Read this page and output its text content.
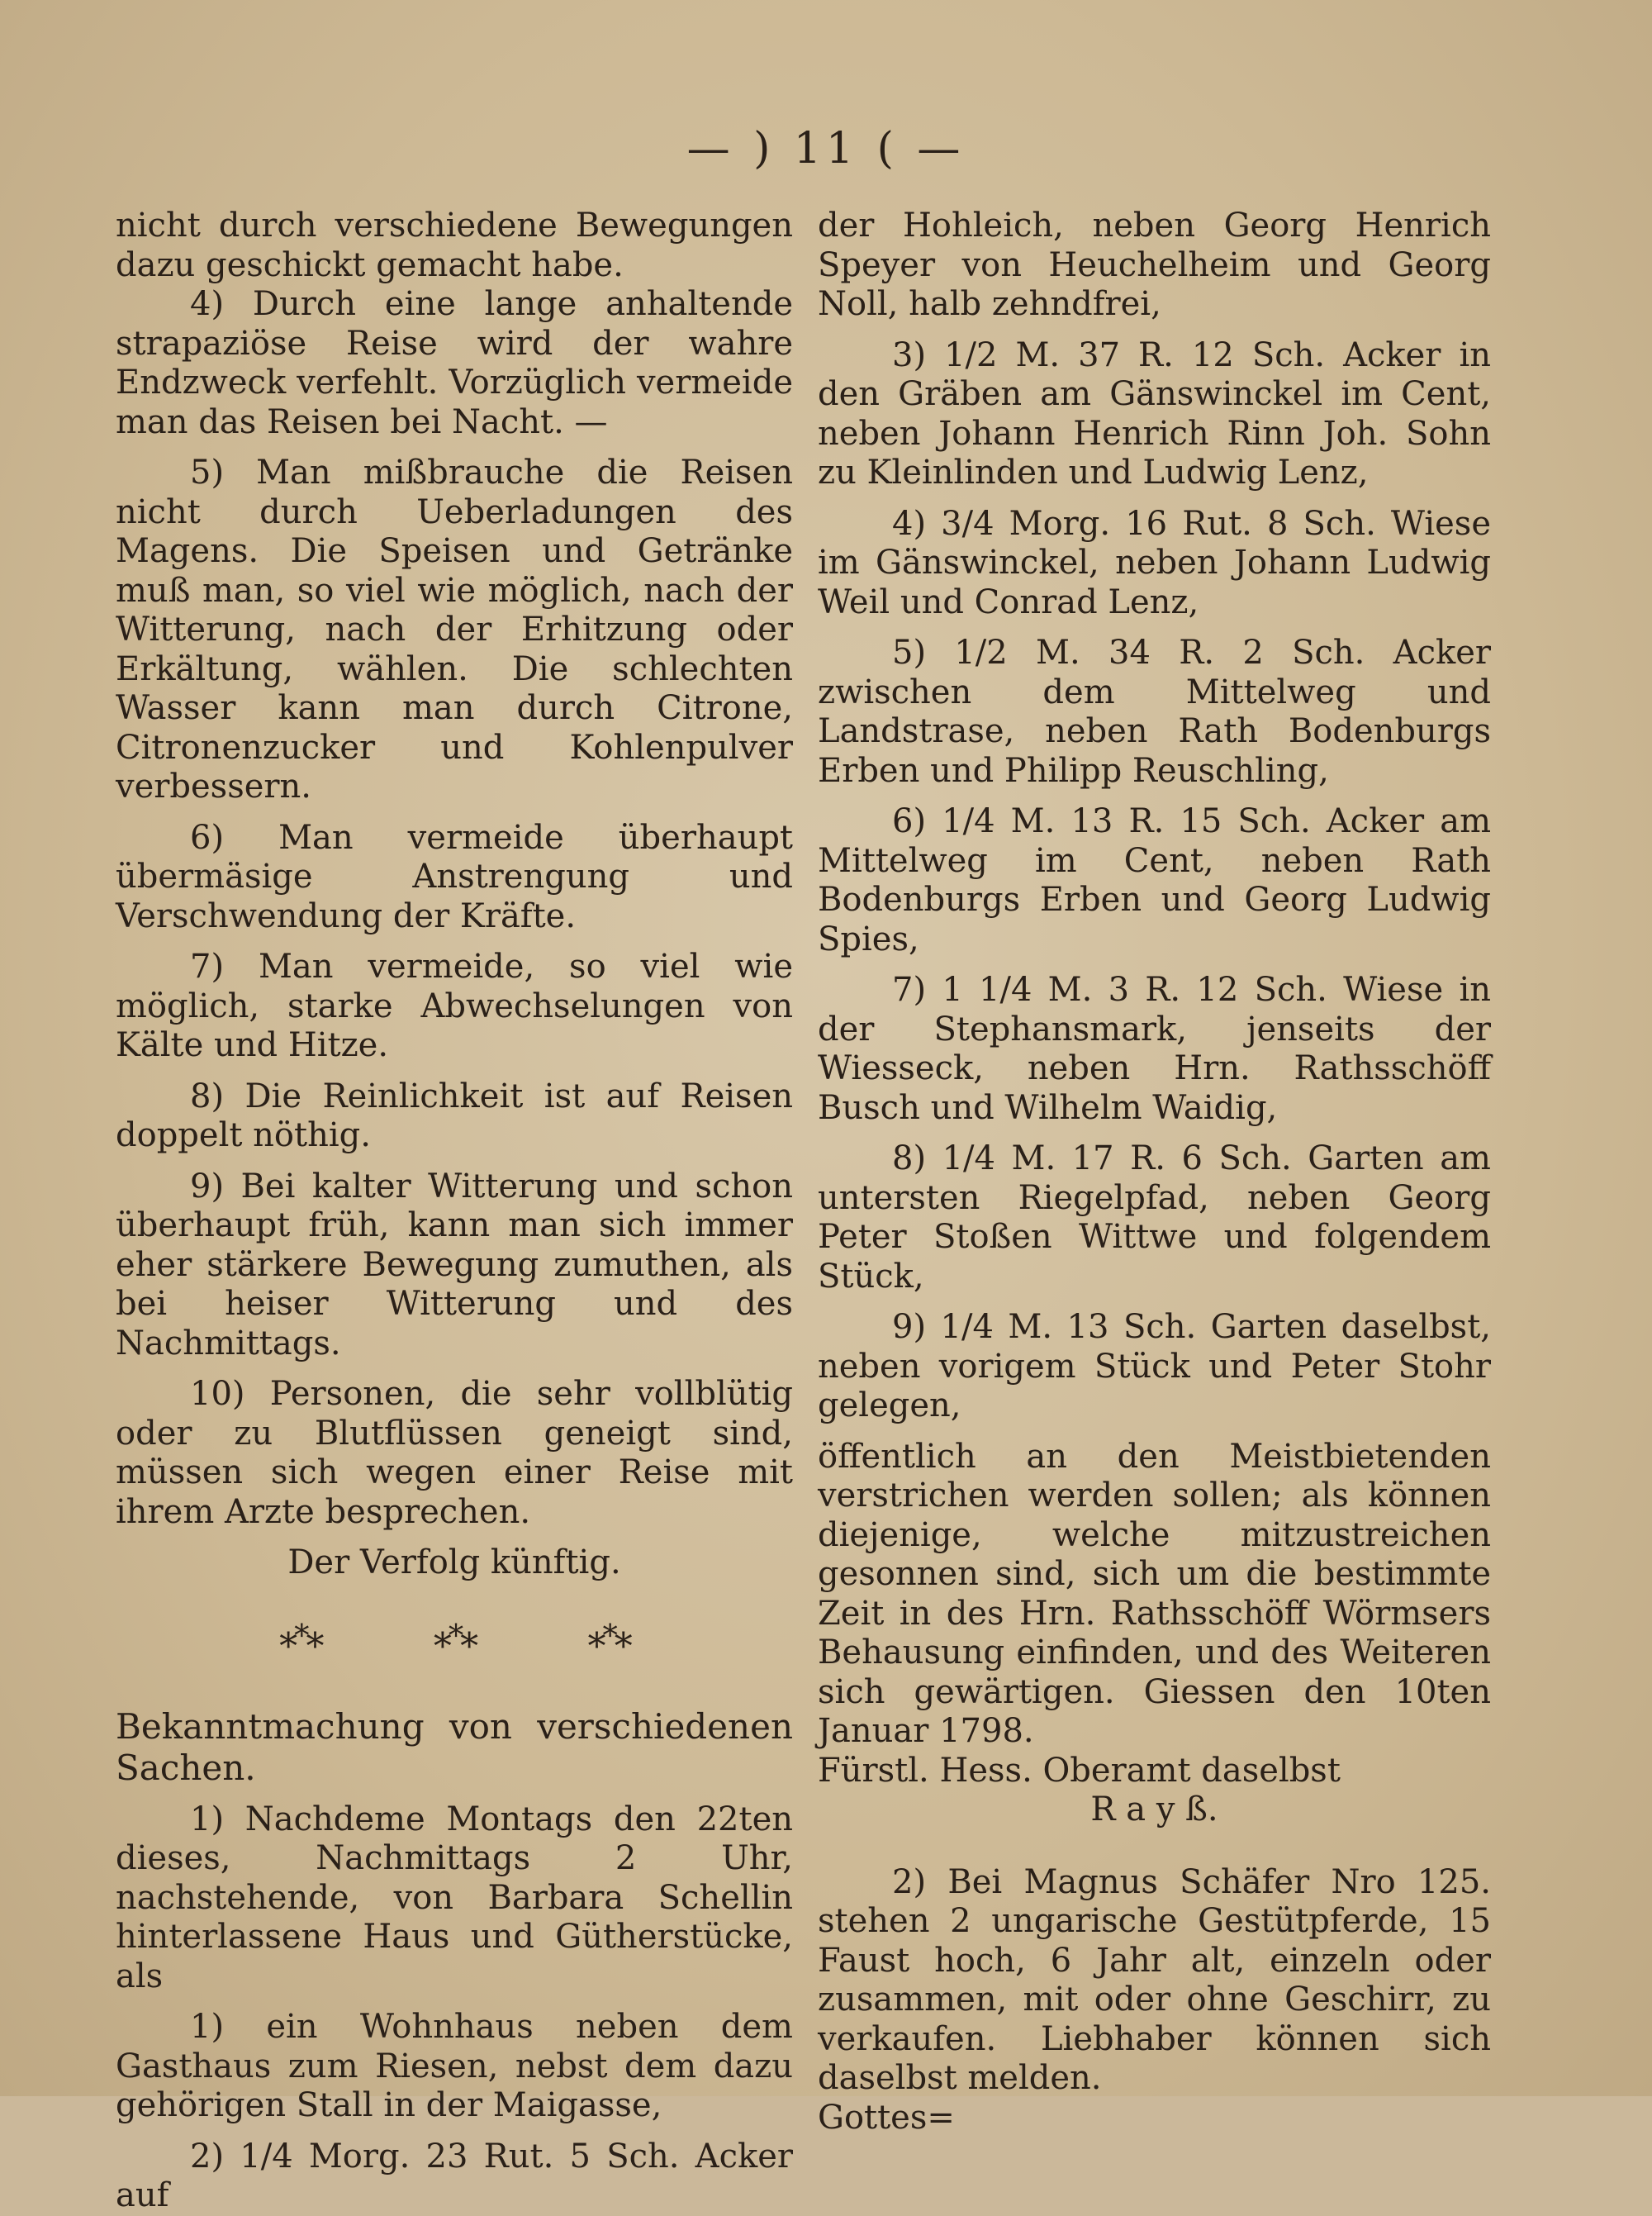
— ) 11 ( —

nicht durch verschiedene Bewegungen dazu geschickt gemacht habe.

4) Durch eine lange anhaltende strapaziöse Reise wird der wahre Endzweck verfehlt. Vorzüglich vermeide man das Reisen bei Nacht. —

5) Man mißbrauche die Reisen nicht durch Ueberladungen des Magens. Die Speisen und Getränke muß man, so viel wie möglich, nach der Witterung, nach der Erhitzung oder Erkältung, wählen. Die schlechten Wasser kann man durch Citrone, Citronenzucker und Kohlenpulver verbessern.

6) Man vermeide überhaupt übermäsige Anstrengung und Verschwendung der Kräfte.

7) Man vermeide, so viel wie möglich, starke Abwechselungen von Kälte und Hitze.

8) Die Reinlichkeit ist auf Reisen doppelt nöthig.

9) Bei kalter Witterung und schon überhaupt früh, kann man sich immer eher stärkere Bewegung zumuthen, als bei heiser Witterung und des Nachmittags.

10) Personen, die sehr vollblütig oder zu Blutflüssen geneigt sind, müssen sich wegen einer Reise mit ihrem Arzte besprechen.

Der Verfolg künftig.

***	***	***

Bekanntmachung von verschiedenen Sachen.

1) Nachdeme Montags den 22ten dieses, Nachmittags 2 Uhr, nachstehende, von Barbara Schellin hinterlassene Haus und Gütherstücke, als

1) ein Wohnhaus neben dem Gasthaus zum Riesen, nebst dem dazu gehörigen Stall in der Maigasse,

2) 1/4 Morg. 23 Rut. 5 Sch. Acker auf

der Hohleich, neben Georg Henrich Speyer von Heuchelheim und Georg Noll, halb zehndfrei,

3) 1/2 M. 37 R. 12 Sch. Acker in den Gräben am Gänswinckel im Cent, neben Johann Henrich Rinn Joh. Sohn zu Kleinlinden und Ludwig Lenz,

4) 3/4 Morg. 16 Rut. 8 Sch. Wiese im Gänswinckel, neben Johann Ludwig Weil und Conrad Lenz,

5) 1/2 M. 34 R. 2 Sch. Acker zwischen dem Mittelweg und Landstrase, neben Rath Bodenburgs Erben und Philipp Reuschling,

6) 1/4 M. 13 R. 15 Sch. Acker am Mittelweg im Cent, neben Rath Bodenburgs Erben und Georg Ludwig Spies,

7) 1 1/4 M. 3 R. 12 Sch. Wiese in der Stephansmark, jenseits der Wiesseck, neben Hrn. Rathsschöff Busch und Wilhelm Waidig,

8) 1/4 M. 17 R. 6 Sch. Garten am untersten Riegelpfad, neben Georg Peter Stoßen Wittwe und folgendem Stück,

9) 1/4 M. 13 Sch. Garten daselbst, neben vorigem Stück und Peter Stohr gelegen,

öffentlich an den Meistbietenden verstrichen werden sollen; als können diejenige, welche mitzustreichen gesonnen sind, sich um die bestimmte Zeit in des Hrn. Rathsschöff Wörmsers Behausung einfinden, und des Weiteren sich gewärtigen. Giessen den 10ten Januar 1798.

Fürstl. Hess. Oberamt daselbst

R a y ß.

2) Bei Magnus Schäfer Nro 125. stehen 2 ungarische Gestütpferde, 15 Faust hoch, 6 Jahr alt, einzeln oder zusammen, mit oder ohne Geschirr, zu verkaufen. Liebhaber können sich daselbst melden.

Gottes=
